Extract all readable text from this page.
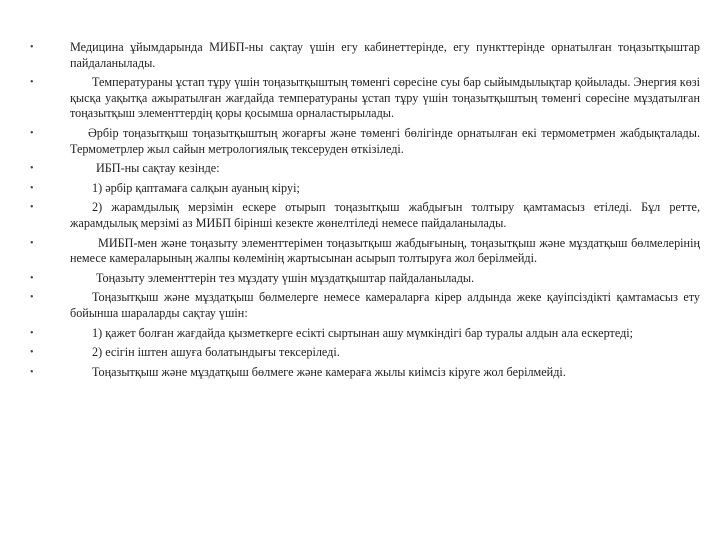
•	Медицина ұйымдарында МИБП-ны сақтау үшін егу кабинеттерінде, егу пункттерінде орнатылған тоңазытқыштар пайдаланылады.
•	Температураны ұстап тұру үшін тоңазытқыштың төменгі сөресіне суы бар сыйымдылықтар қойылады. Энергия көзі қысқа уақытқа ажыратылған жағдайда температураны ұстап тұру үшін тоңазытқыштың төменгі сөресіне мұздатылған тоңазытқыш элементтердің қоры қосымша орналастырылады.
•	Әрбір тоңазытқыш тоңазытқыштың жоғарғы және төменгі бөлігінде орнатылған екі термометрмен жабдықталады. Термометрлер жыл сайын метрологиялық тексеруден өткізіледі.
•	ИБП-ны сақтау кезінде:
•	1) әрбір қаптамаға салқын ауаның кіруі;
•	2) жарамдылық мерзімін ескере отырып тоңазытқыш жабдығын толтыру қамтамасыз етіледі. Бұл ретте, жарамдылық мерзімі аз МИБП бірінші кезекте жөнелтіледі немесе пайдаланылады.
•	МИБП-мен және тоңазыту элементтерімен тоңазытқыш жабдығының, тоңазытқыш және мұздатқыш бөлмелерінің немесе камераларының жалпы көлемінің жартысынан асырып толтыруға жол берілмейді.
•	Тоңазыту элементтерін тез мұздату үшін мұздатқыштар пайдаланылады.
•	Тоңазытқыш және мұздатқыш бөлмелерге немесе камераларға кірер алдында жеке қауіпсіздікті қамтамасыз ету бойынша шараларды сақтау үшін:
•	1) қажет болған жағдайда қызметкерге есікті сыртынан ашу мүмкіндігі бар туралы алдын ала ескертеді;
•	2) есігін іштен ашуға болатындығы тексеріледі.
•	Тоңазытқыш және мұздатқыш бөлмеге және камераға жылы киімсіз кіруге жол берілмейді.
